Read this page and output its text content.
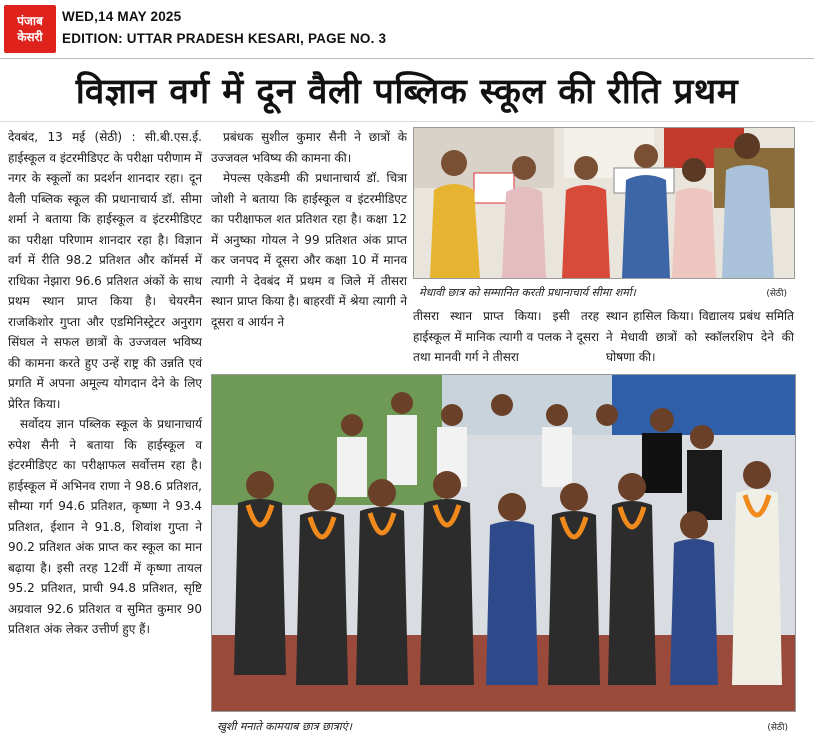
पंजाब
केसरी
WED,14 MAY 2025
EDITION: UTTAR PRADESH KESARI, PAGE NO. 3
विज्ञान वर्ग में दून वैली पब्लिक स्कूल की रीति प्रथम

देवबंद, 13 मई (सेठी) : सी.बी.एस.ई. हाईस्कूल व इंटरमीडिएट के परीक्षा परीणाम में नगर के स्कूलों का प्रदर्शन शानदार रहा। दून वैली पब्लिक स्कूल की प्रधानाचार्य डॉ. सीमा शर्मा ने बताया कि हाईस्कूल व इंटरमीडिएट का परीक्षा परिणाम शानदार रहा है। विज्ञान वर्ग में रीति 98.2 प्रतिशत और कॉमर्स में राधिका नेझारा 96.6 प्रतिशत अंकों के साथ प्रथम स्थान प्राप्त किया है। चेयरमैन राजकिशोर गुप्ता और एडमिनिस्ट्रेटर अनुराग सिंघल ने सफल छात्रों के उज्जवल भविष्य की कामना करते हुए उन्हें राष्ट्र की उन्नति एवं प्रगति में अपना अमूल्य योगदान देने के लिए प्रेरित किया।

सर्वोदय ज्ञान पब्लिक स्कूल के प्रधानाचार्य रुपेश सैनी ने बताया कि हाईस्कूल व इंटरमीडिएट का परीक्षाफल सर्वोत्तम रहा है। हाईस्कूल में अभिनव राणा ने 98.6 प्रतिशत, सौम्या गर्ग 94.6 प्रतिशत, कृष्णा ने 93.4 प्रतिशत, ईशान ने 91.8, शिवांश गुप्ता ने 90.2 प्रतिशत अंक प्राप्त कर स्कूल का मान बढ़ाया है। इसी तरह 12वीं में कृष्णा तायल 95.2 प्रतिशत, प्राची 94.8 प्रतिशत, सृष्टि अग्रवाल 92.6 प्रतिशत व सुमित कुमार 90 प्रतिशत अंक लेकर उत्तीर्ण हुए हैं।

प्रबंधक सुशील कुमार सैनी ने छात्रों के उज्जवल भविष्य की कामना की।

मेपल्स एकेडमी की प्रधानाचार्य डॉ. चित्रा जोशी ने बताया कि हाईस्कूल व इंटरमीडिएट का परीक्षाफल शत प्रतिशत रहा है। कक्षा 12 में अनुष्का गोयल ने 99 प्रतिशत अंक प्राप्त कर जनपद में दूसरा और कक्षा 10 में मानव त्यागी ने देवबंद में प्रथम व जिले में तीसरा स्थान प्राप्त किया है। बाहरवीं में श्रेया त्यागी ने दूसरा व आर्यन ने

मेधावी छात्र को सम्मानित करती प्रधानाचार्य सीमा शर्मा।	(सेठी)

तीसरा स्थान प्राप्त किया। इसी तरह हाईस्कूल में मानिक त्यागी व पलक ने दूसरा तथा मानवी गर्ग ने तीसरा

स्थान हासिल किया। विद्यालय प्रबंध समिति ने मेधावी छात्रों को स्कॉलरशिप देने की घोषणा की।

खुशी मनाते कामयाब छात्र छात्राएं।	(सेठी)
